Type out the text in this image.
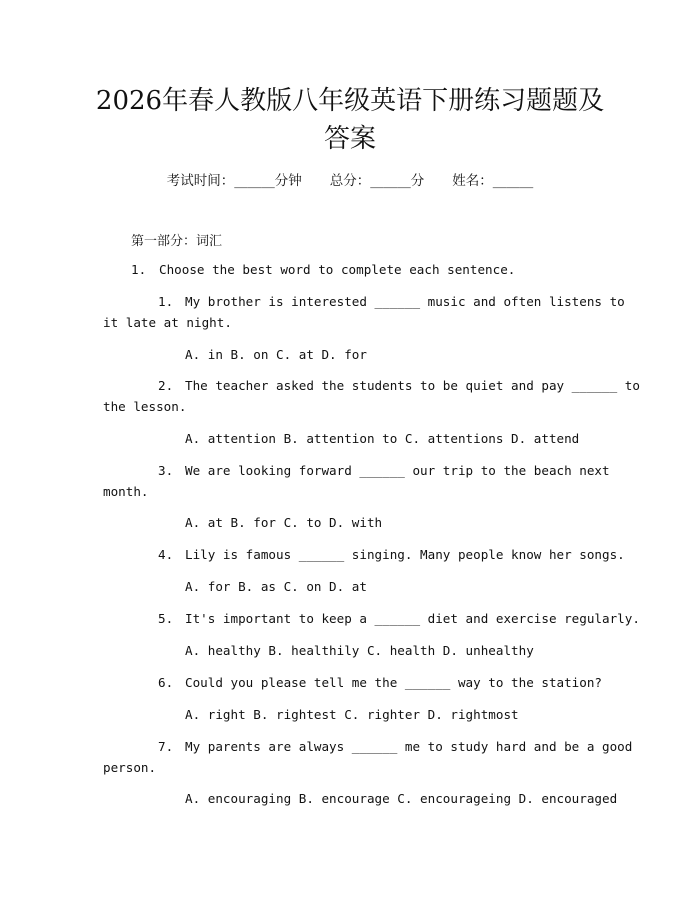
2026年春人教版八年级英语下册练习题题及
答案
考试时间：______分钟 总分：______分 姓名：______
第一部分：词汇
1. Choose the best word to complete each sentence.
1. My brother is interested ______ music and often listens to
it late at night.
A. in B. on C. at D. for
2. The teacher asked the students to be quiet and pay ______ to
the lesson.
A. attention B. attention to C. attentions D. attend
3. We are looking forward ______ our trip to the beach next
month.
A. at B. for C. to D. with
4. Lily is famous ______ singing. Many people know her songs.
A. for B. as C. on D. at
5. It's important to keep a ______ diet and exercise regularly.
A. healthy B. healthily C. health D. unhealthy
6. Could you please tell me the ______ way to the station?
A. right B. rightest C. righter D. rightmost
7. My parents are always ______ me to study hard and be a good
person.
A. encouraging B. encourage C. encourageing D. encouraged
